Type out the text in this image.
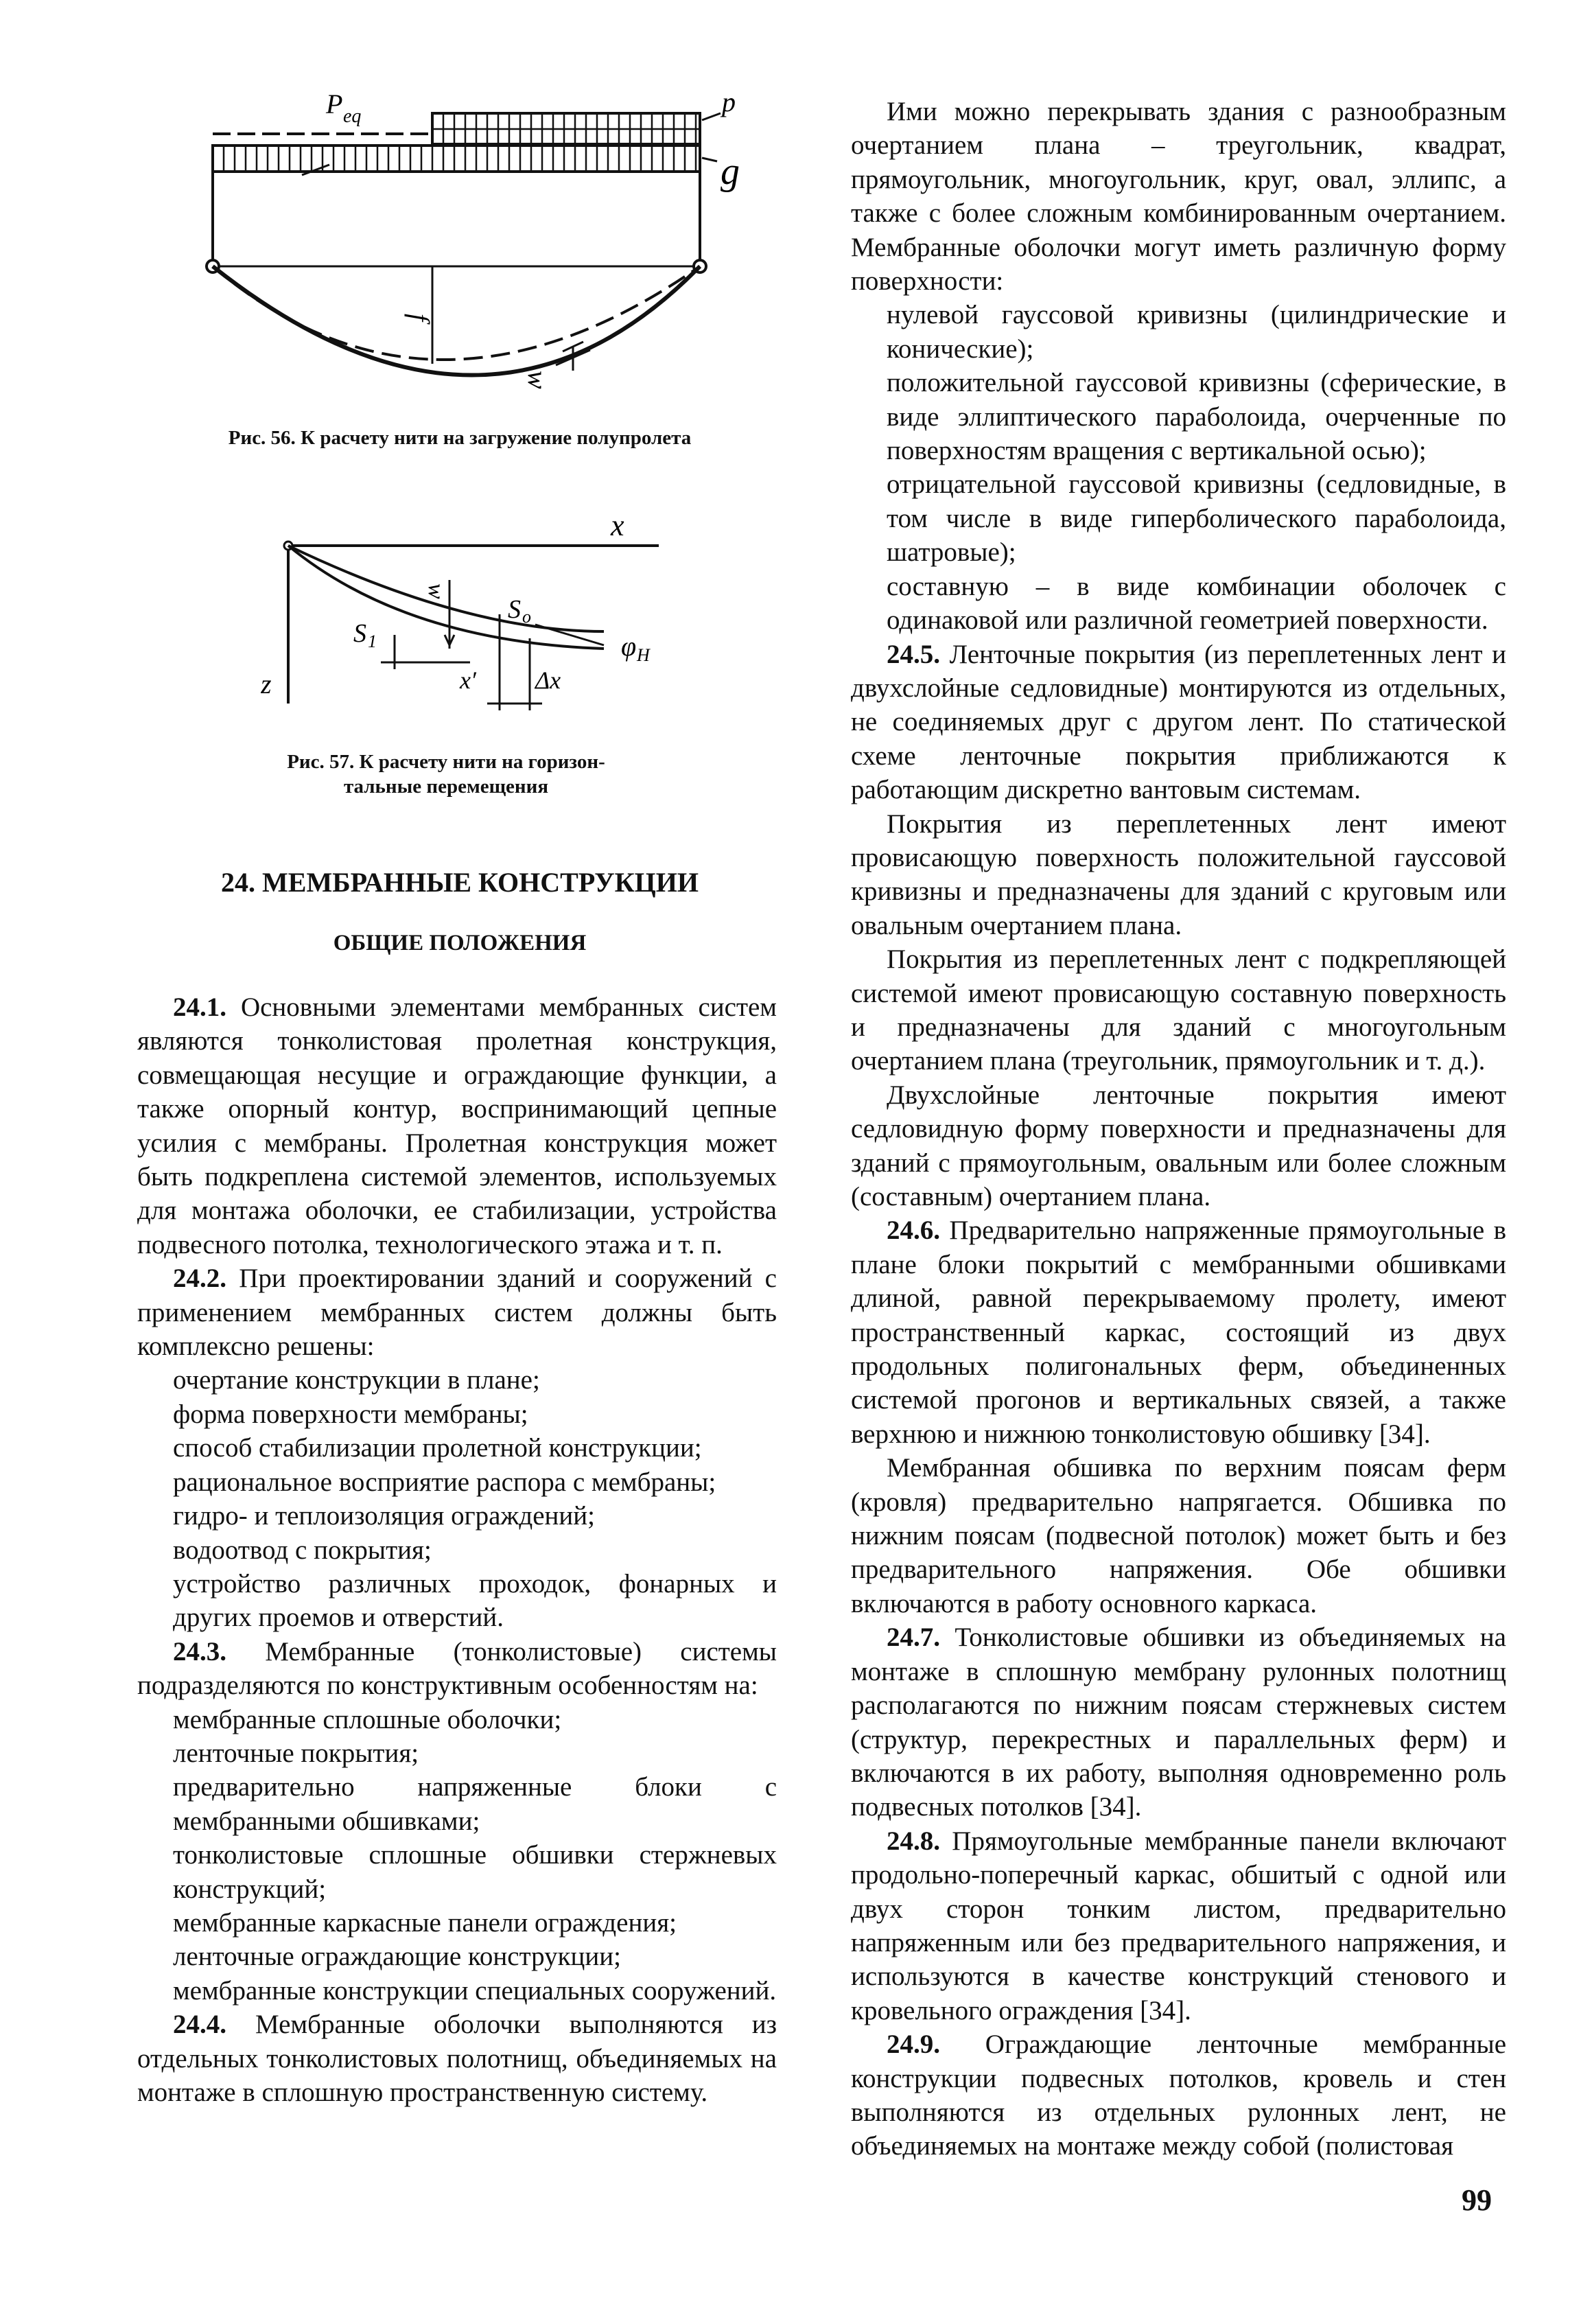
P eq	p
g
f
w
Рис. 56. К расчету нити на загружение полупролета
x
z
w
S o
S 1	φ H
x′ Δx
Рис. 57. К расчету нити на горизон-
тальные перемещения
24. МЕМБРАННЫЕ КОНСТРУКЦИИ
ОБЩИЕ ПОЛОЖЕНИЯ

24.1. Основными элементами мембранных систем являются тонколистовая пролетная конструкция, совмещающая несущие и ограждающие функции, а также опорный контур, воспринимающий цепные усилия с мембраны. Пролетная конструкция может быть подкреплена системой элементов, используемых для монтажа оболочки, ее стабилизации, устройства подвесного потолка, технологического этажа и т. п.

24.2. При проектировании зданий и сооружений с применением мембранных систем должны быть комплексно решены:

очертание конструкции в плане;

форма поверхности мембраны;

способ стабилизации пролетной конструкции;

рациональное восприятие распора с мембраны;

гидро- и теплоизоляция ограждений;

водоотвод с покрытия;

устройство различных проходок, фонарных и других проемов и отверстий.

24.3. Мембранные (тонколистовые) системы подразделяются по конструктивным особенностям на:

мембранные сплошные оболочки;

ленточные покрытия;

предварительно напряженные блоки с мембранными обшивками;

тонколистовые сплошные обшивки стержневых конструкций;

мембранные каркасные панели ограждения;

ленточные ограждающие конструкции;

мембранные конструкции специальных сооружений.

24.4. Мембранные оболочки выполняются из отдельных тонколистовых полотнищ, объединяемых на монтаже в сплошную пространственную систему.

Ими можно перекрывать здания с разнообразным очертанием плана – треугольник, квадрат, прямоугольник, многоугольник, круг, овал, эллипс, а также с более сложным комбинированным очертанием. Мембранные оболочки могут иметь различную форму поверхности:

нулевой гауссовой кривизны (цилиндрические и конические);

положительной гауссовой кривизны (сферические, в виде эллиптического параболоида, очерченные по поверхностям вращения с вертикальной осью);

отрицательной гауссовой кривизны (седловидные, в том числе в виде гиперболического параболоида, шатровые);

составную – в виде комбинации оболочек с одинаковой или различной геометрией поверхности.

24.5. Ленточные покрытия (из переплетенных лент и двухслойные седловидные) монтируются из отдельных, не соединяемых друг с другом лент. По статической схеме ленточные покрытия приближаются к работающим дискретно вантовым системам.

Покрытия из переплетенных лент имеют провисающую поверхность положительной гауссовой кривизны и предназначены для зданий с круговым или овальным очертанием плана.

Покрытия из переплетенных лент с подкрепляющей системой имеют провисающую составную поверхность и предназначены для зданий с многоугольным очертанием плана (треугольник, прямоугольник и т. д.).

Двухслойные ленточные покрытия имеют седловидную форму поверхности и предназначены для зданий с прямоугольным, овальным или более сложным (составным) очертанием плана.

24.6. Предварительно напряженные прямоугольные в плане блоки покрытий с мембранными обшивками длиной, равной перекрываемому пролету, имеют пространственный каркас, состоящий из двух продольных полигональных ферм, объединенных системой прогонов и вертикальных связей, а также верхнюю и нижнюю тонколистовую обшивку [34].

Мембранная обшивка по верхним поясам ферм (кровля) предварительно напрягается. Обшивка по нижним поясам (подвесной потолок) может быть и без предварительного напряжения. Обе обшивки включаются в работу основного каркаса.

24.7. Тонколистовые обшивки из объединяемых на монтаже в сплошную мембрану рулонных полотнищ располагаются по нижним поясам стержневых систем (структур, перекрестных и параллельных ферм) и включаются в их работу, выполняя одновременно роль подвесных потолков [34].

24.8. Прямоугольные мембранные панели включают продольно-поперечный каркас, обшитый с одной или двух сторон тонким листом, предварительно напряженным или без предварительного напряжения, и используются в качестве конструкций стенового и кровельного ограждения [34].

24.9. Ограждающие ленточные мембранные конструкции подвесных потолков, кровель и стен выполняются из отдельных рулонных лент, не объединяемых на монтаже между собой (полистовая

99
